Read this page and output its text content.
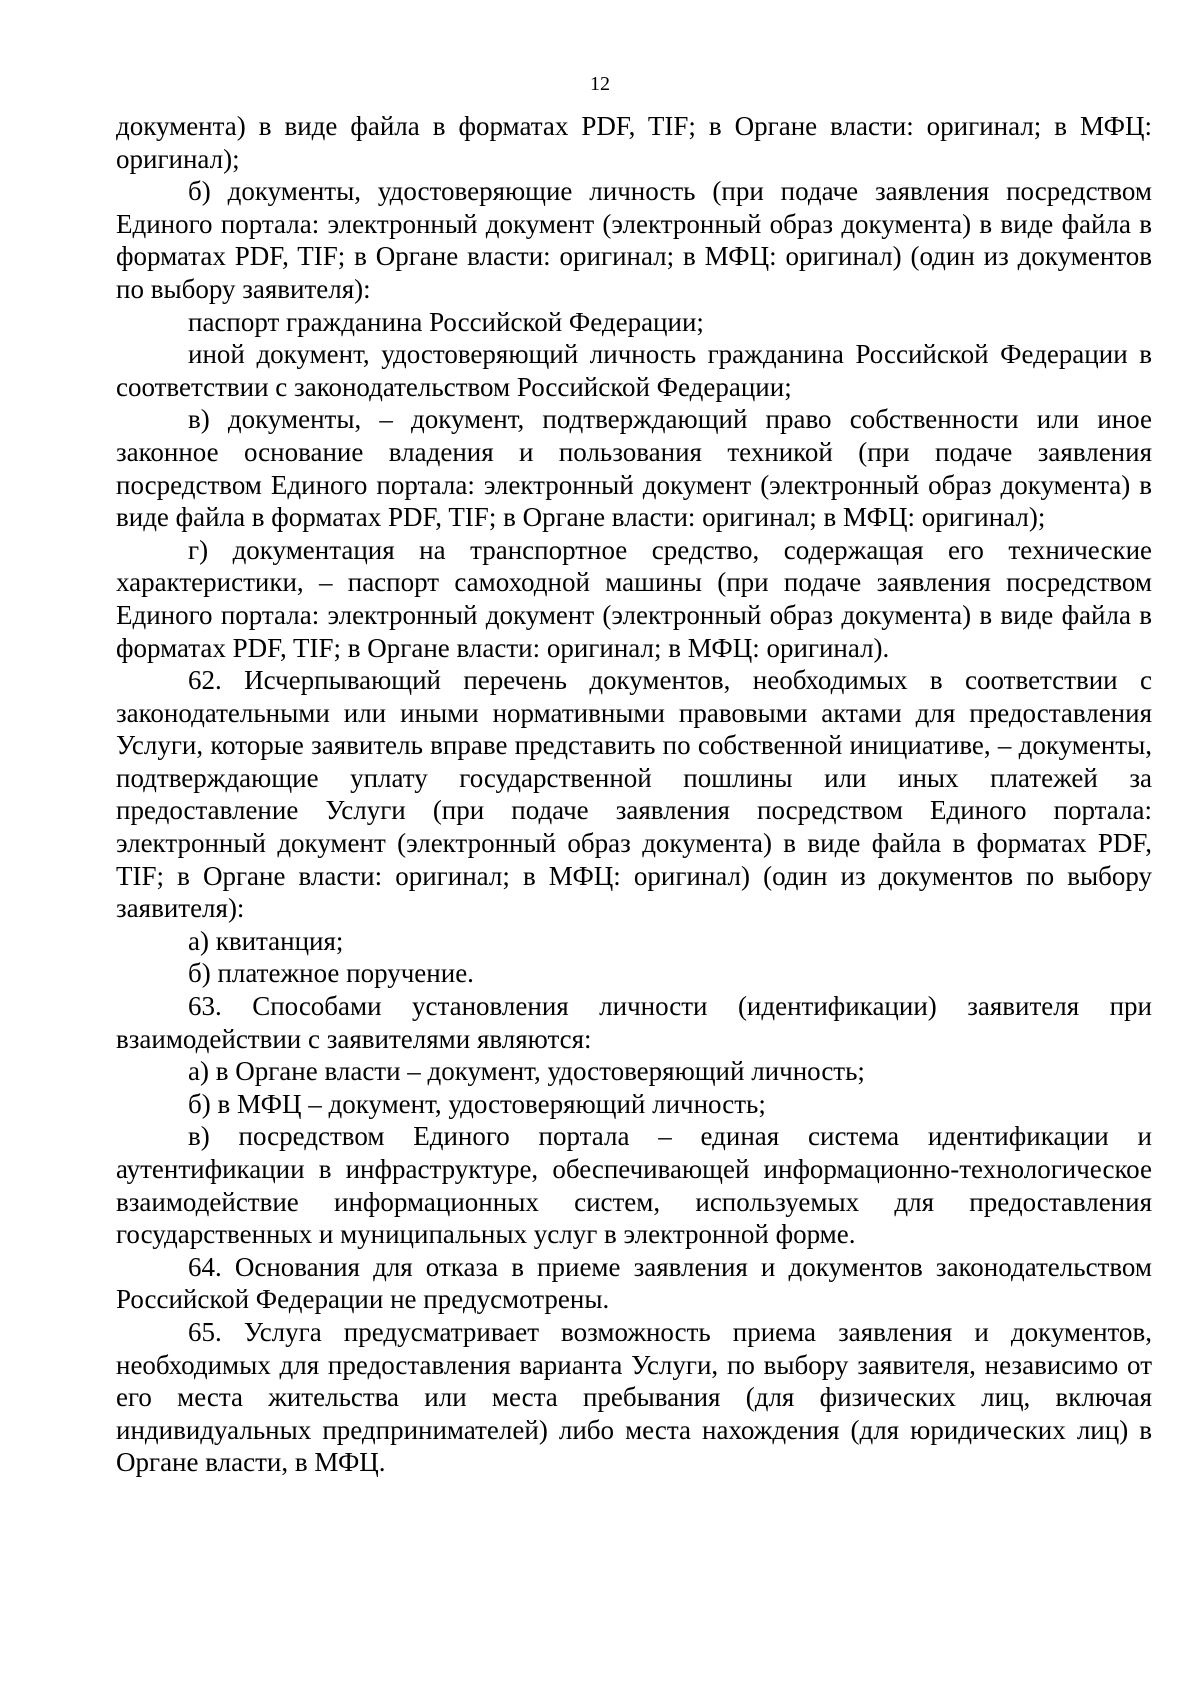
12

документа) в виде файла в форматах PDF, TIF; в Органе власти: оригинал; в МФЦ: оригинал);

б) документы, удостоверяющие личность (при подаче заявления посредством Единого портала: электронный документ (электронный образ документа) в виде файла в форматах PDF, TIF; в Органе власти: оригинал; в МФЦ: оригинал) (один из документов по выбору заявителя):

паспорт гражданина Российской Федерации;

иной документ, удостоверяющий личность гражданина Российской Федерации в соответствии с законодательством Российской Федерации;

в) документы, – документ, подтверждающий право собственности или иное законное основание владения и пользования техникой (при подаче заявления посредством Единого портала: электронный документ (электронный образ документа) в виде файла в форматах PDF, TIF; в Органе власти: оригинал; в МФЦ: оригинал);

г) документация на транспортное средство, содержащая его технические характеристики, – паспорт самоходной машины (при подаче заявления посредством Единого портала: электронный документ (электронный образ документа) в виде файла в форматах PDF, TIF; в Органе власти: оригинал; в МФЦ: оригинал).

62. Исчерпывающий перечень документов, необходимых в соответствии с законодательными или иными нормативными правовыми актами для предоставления Услуги, которые заявитель вправе представить по собственной инициативе, – документы, подтверждающие уплату государственной пошлины или иных платежей за предоставление Услуги (при подаче заявления посредством Единого портала: электронный документ (электронный образ документа) в виде файла в форматах PDF, TIF; в Органе власти: оригинал; в МФЦ: оригинал) (один из документов по выбору заявителя):

а) квитанция;

б) платежное поручение.

63. Способами установления личности (идентификации) заявителя при взаимодействии с заявителями являются:

а) в Органе власти – документ, удостоверяющий личность;

б) в МФЦ – документ, удостоверяющий личность;

в) посредством Единого портала – единая система идентификации и аутентификации в инфраструктуре, обеспечивающей информационно-технологическое взаимодействие информационных систем, используемых для предоставления государственных и муниципальных услуг в электронной форме.

64. Основания для отказа в приеме заявления и документов законодательством Российской Федерации не предусмотрены.

65. Услуга предусматривает возможность приема заявления и документов, необходимых для предоставления варианта Услуги, по выбору заявителя, независимо от его места жительства или места пребывания (для физических лиц, включая индивидуальных предпринимателей) либо места нахождения (для юридических лиц) в Органе власти, в МФЦ.
